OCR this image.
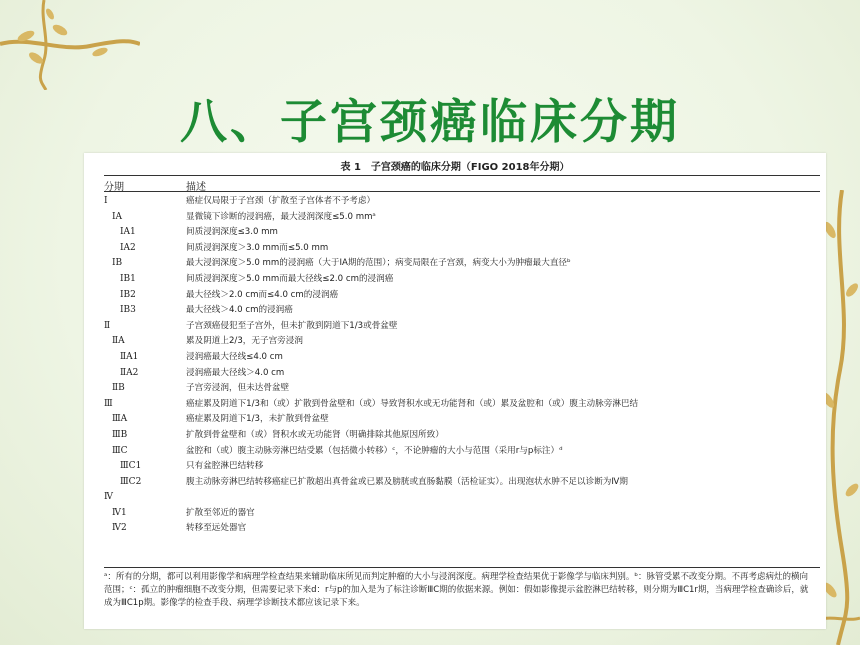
八、子宫颈癌临床分期
表 1　子宫颈癌的临床分期（FIGO 2018年分期）
分期	描述
Ⅰ	癌症仅局限于子宫颈（扩散至子宫体者不予考虑）
ⅠA	显微镜下诊断的浸润癌，最大浸润深度≤5.0 mmᵃ
ⅠA1	间质浸润深度≤3.0 mm
ⅠA2	间质浸润深度＞3.0 mm而≤5.0 mm
ⅠB	最大浸润深度＞5.0 mm的浸润癌（大于ⅠA期的范围）；病变局限在子宫颈，病变大小为肿瘤最大直径ᵇ
ⅠB1	间质浸润深度＞5.0 mm而最大径线≤2.0 cm的浸润癌
ⅠB2	最大径线＞2.0 cm而≤4.0 cm的浸润癌
ⅠB3	最大径线＞4.0 cm的浸润癌
Ⅱ	子宫颈癌侵犯至子宫外，但未扩散到阴道下1/3或骨盆壁
ⅡA	累及阴道上2/3，无子宫旁浸润
ⅡA1	浸润癌最大径线≤4.0 cm
ⅡA2	浸润癌最大径线＞4.0 cm
ⅡB	子宫旁浸润，但未达骨盆壁
Ⅲ	癌症累及阴道下1/3和（或）扩散到骨盆壁和（或）导致肾积水或无功能肾和（或）累及盆腔和（或）腹主动脉旁淋巴结
ⅢA	癌症累及阴道下1/3，未扩散到骨盆壁
ⅢB	扩散到骨盆壁和（或）肾积水或无功能肾（明确排除其他原因所致）
ⅢC	盆腔和（或）腹主动脉旁淋巴结受累（包括微小转移）ᶜ，不论肿瘤的大小与范围（采用r与p标注）ᵈ
ⅢC1	只有盆腔淋巴结转移
ⅢC2	腹主动脉旁淋巴结转移癌症已扩散超出真骨盆或已累及膀胱或直肠黏膜（活检证实）。出现泡状水肿不足以诊断为Ⅳ期
Ⅳ
Ⅳ1	扩散至邻近的器官
Ⅳ2	转移至远处器官
ᵃ：所有的分期，都可以利用影像学和病理学检查结果来辅助临床所见而判定肿瘤的大小与浸润深度。病理学检查结果优于影像学与临床判别。ᵇ：脉管受累不改变分期。不再考虑病灶的横向范围；ᶜ：孤立的肿瘤细胞不改变分期，但需要记录下来d：r与p的加入是为了标注诊断ⅢC期的依据来源。例如：假如影像提示盆腔淋巴结转移，则分期为ⅢC1r期，当病理学检查确诊后，就成为ⅢC1p期。影像学的检查手段、病理学诊断技术都应该记录下来。
